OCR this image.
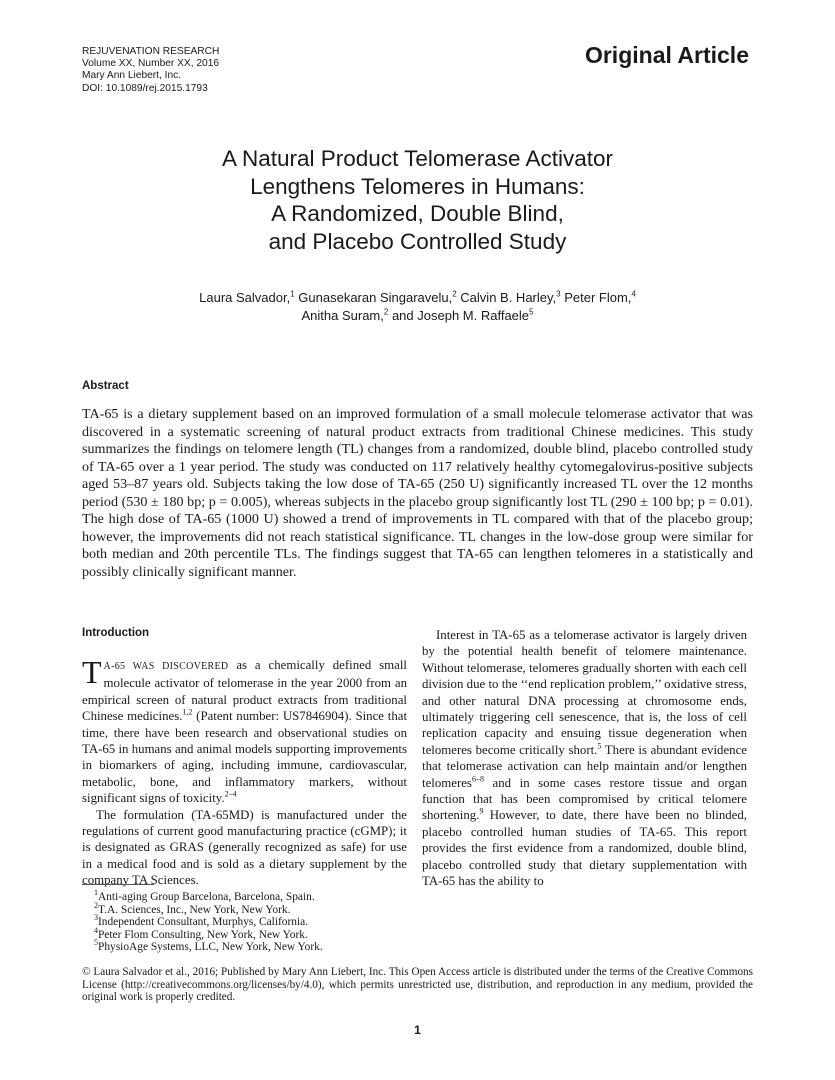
REJUVENATION RESEARCH
Volume XX, Number XX, 2016
Mary Ann Liebert, Inc.
DOI: 10.1089/rej.2015.1793
Original Article
A Natural Product Telomerase Activator
Lengthens Telomeres in Humans:
A Randomized, Double Blind,
and Placebo Controlled Study
Laura Salvador,$^1$ Gunasekaran Singaravelu,$^2$ Calvin B. Harley,$^3$ Peter Flom,$^4$
Anitha Suram,$^2$ and Joseph M. Raffaele$^5$
Abstract

TA-65 is a dietary supplement based on an improved formulation of a small molecule telomerase activator that was discovered in a systematic screening of natural product extracts from traditional Chinese medicines. This study summarizes the findings on telomere length (TL) changes from a randomized, double blind, placebo controlled study of TA-65 over a 1 year period. The study was conducted on 117 relatively healthy cytomegalovirus-positive subjects aged 53–87 years old. Subjects taking the low dose of TA-65 (250 U) significantly increased TL over the 12 months period (530 ± 180 bp; p = 0.005), whereas subjects in the placebo group significantly lost TL (290 ± 100 bp; p = 0.01). The high dose of TA-65 (1000 U) showed a trend of improvements in TL compared with that of the placebo group; however, the improvements did not reach statistical significance. TL changes in the low-dose group were similar for both median and 20th percentile TLs. The findings suggest that TA-65 can lengthen telomeres in a statistically and possibly clinically significant manner.

Introduction

T A-65 WAS DISCOVERED as a chemically defined small molecule activator of telomerase in the year 2000 from an empirical screen of natural product extracts from traditional Chinese medicines.$^{1,2}$ (Patent number: US7846904). Since that time, there have been research and observational studies on TA-65 in humans and animal models supporting improvements in biomarkers of aging, including immune, cardiovascular, metabolic, bone, and inflammatory markers, without significant signs of toxicity.$^{2-4}$

The formulation (TA-65MD) is manufactured under the regulations of current good manufacturing practice (cGMP); it is designated as GRAS (generally recognized as safe) for use in a medical food and is sold as a dietary supplement by the company TA Sciences.

Interest in TA-65 as a telomerase activator is largely driven by the potential health benefit of telomere maintenance. Without telomerase, telomeres gradually shorten with each cell division due to the ‘‘end replication problem,’’ oxidative stress, and other natural DNA processing at chromosome ends, ultimately triggering cell senescence, that is, the loss of cell replication capacity and ensuing tissue degeneration when telomeres become critically short.$^5$ There is abundant evidence that telomerase activation can help maintain and/or lengthen telomeres$^{6-8}$ and in some cases restore tissue and organ function that has been compromised by critical telomere shortening.$^9$ However, to date, there have been no blinded, placebo controlled human studies of TA-65. This report provides the first evidence from a randomized, double blind, placebo controlled study that dietary supplementation with TA-65 has the ability to

$^1$Anti-aging Group Barcelona, Barcelona, Spain.
$^2$T.A. Sciences, Inc., New York, New York.
$^3$Independent Consultant, Murphys, California.
$^4$Peter Flom Consulting, New York, New York.
$^5$PhysioAge Systems, LLC, New York, New York.

© Laura Salvador et al., 2016; Published by Mary Ann Liebert, Inc. This Open Access article is distributed under the terms of the Creative Commons License (http://creativecommons.org/licenses/by/4.0), which permits unrestricted use, distribution, and reproduction in any medium, provided the original work is properly credited.

1
